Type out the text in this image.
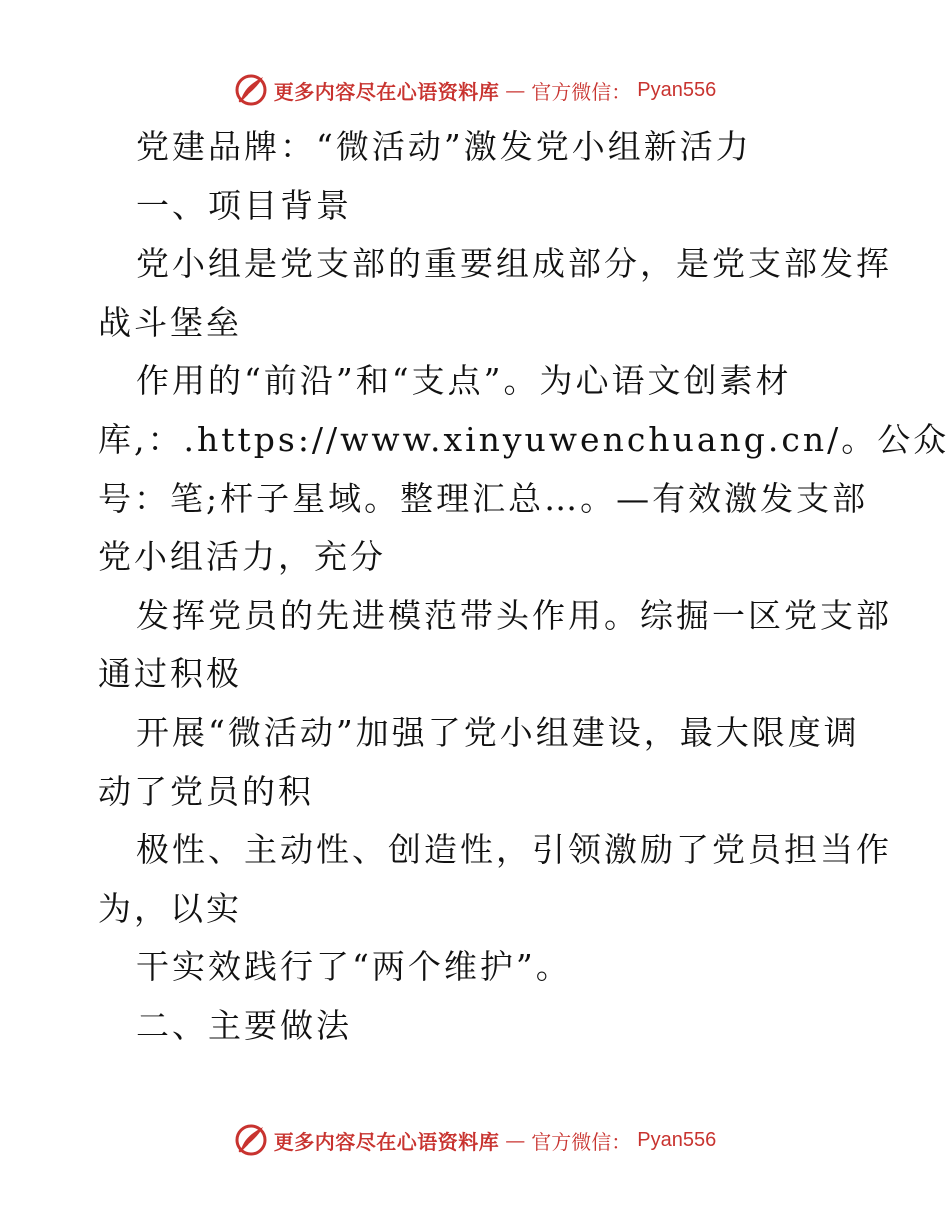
更多内容尽在心语资料库 — 官方微信： Pyan556
党建品牌：“微活动”激发党小组新活力
一、项目背景
党小组是党支部的重要组成部分，是党支部发挥
战斗堡垒
作用的“前沿”和“支点”。为心语文创素材
库,：.https://www.xinyuwenchuang.cn/。公众
号：笔;杆子星域。整理汇总…。—有效激发支部
党小组活力，充分
发挥党员的先进模范带头作用。综掘一区党支部
通过积极
开展“微活动”加强了党小组建设，最大限度调
动了党员的积
极性、主动性、创造性，引领激励了党员担当作
为，以实
干实效践行了“两个维护”。
二、主要做法
更多内容尽在心语资料库 — 官方微信： Pyan556
